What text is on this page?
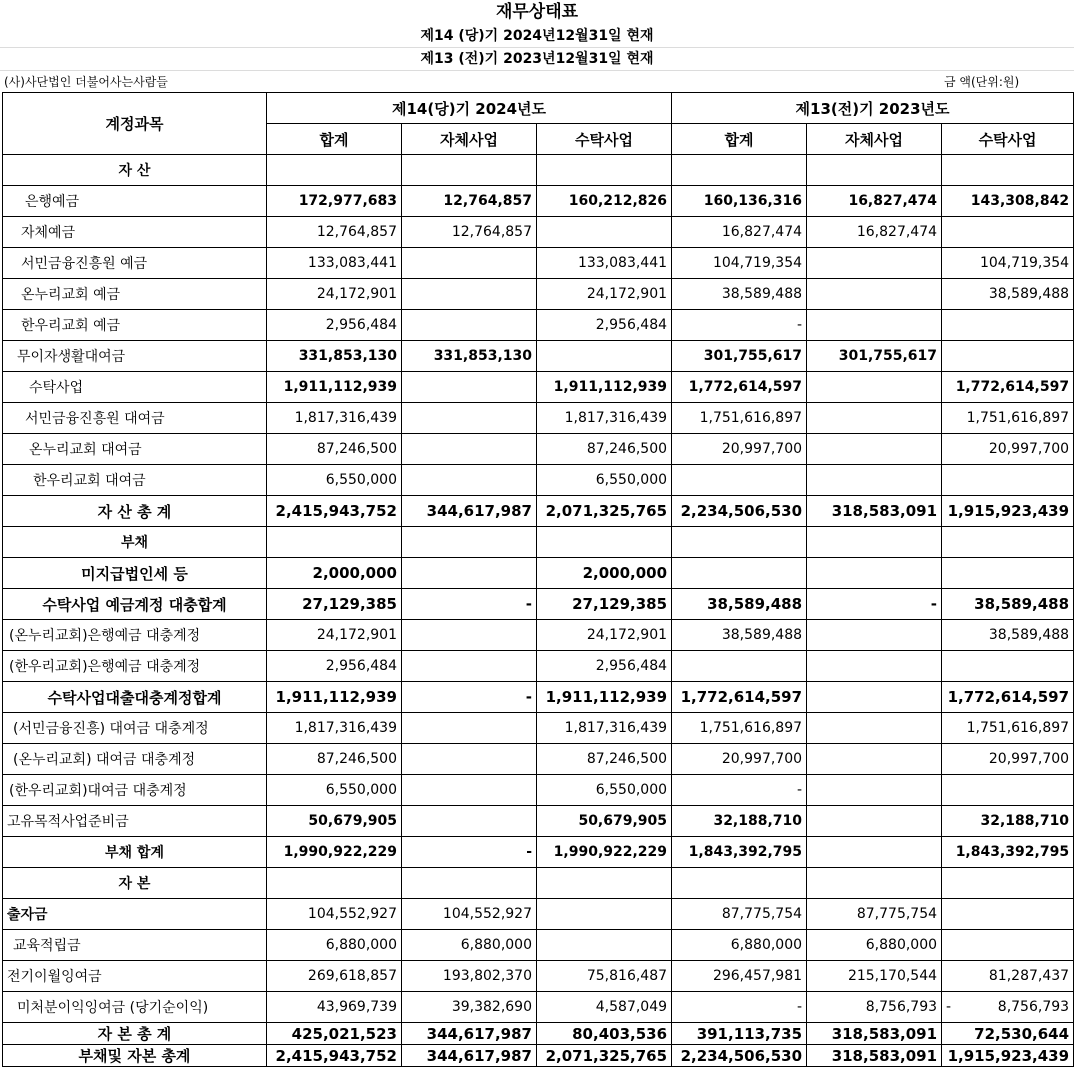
재무상태표
제14 (당)기 2024년12월31일 현재
제13 (전)기 2023년12월31일 현재
(사)사단법인 더불어사는사람들	금 액(단위:원)
계정과목	제14(당)기 2024년도			제13(전)기 2023년도		
	합계	자체사업	수탁사업	합계	자체사업	수탁사업
자 산						
은행예금	172,977,683	12,764,857	160,212,826	160,136,316	16,827,474	143,308,842
자체예금	12,764,857	12,764,857		16,827,474	16,827,474	
서민금융진흥원 예금	133,083,441		133,083,441	104,719,354		104,719,354
온누리교회 예금	24,172,901		24,172,901	38,589,488		38,589,488
한우리교회 예금	2,956,484		2,956,484	-		
무이자생활대여금	331,853,130	331,853,130		301,755,617	301,755,617	
수탁사업	1,911,112,939		1,911,112,939	1,772,614,597		1,772,614,597
서민금융진흥원 대여금	1,817,316,439		1,817,316,439	1,751,616,897		1,751,616,897
온누리교회 대여금	87,246,500		87,246,500	20,997,700		20,997,700
한우리교회 대여금	6,550,000		6,550,000			
자 산 총 계	2,415,943,752	344,617,987	2,071,325,765	2,234,506,530	318,583,091	1,915,923,439
부채						
미지급법인세 등	2,000,000		2,000,000			
수탁사업 예금계정 대충합계	27,129,385	-	27,129,385	38,589,488	-	38,589,488
(온누리교회)은행예금 대충계정	24,172,901		24,172,901	38,589,488		38,589,488
(한우리교회)은행예금 대충계정	2,956,484		2,956,484			
수탁사업대출대충계정합계	1,911,112,939	-	1,911,112,939	1,772,614,597		1,772,614,597
(서민금융진흥) 대여금 대충계정	1,817,316,439		1,817,316,439	1,751,616,897		1,751,616,897
(온누리교회) 대여금 대충계정	87,246,500		87,246,500	20,997,700		20,997,700
(한우리교회)대여금 대충계정	6,550,000		6,550,000	-		
고유목적사업준비금	50,679,905		50,679,905	32,188,710		32,188,710
부채 합계	1,990,922,229	-	1,990,922,229	1,843,392,795		1,843,392,795
자 본						
출자금	104,552,927	104,552,927		87,775,754	87,775,754	
교육적립금	6,880,000	6,880,000		6,880,000	6,880,000	
전기이월잉여금	269,618,857	193,802,370	75,816,487	296,457,981	215,170,544	81,287,437
미처분이익잉여금 (당기순이익)	43,969,739	39,382,690	4,587,049	-	8,756,793	- 8,756,793
자 본 총 계	425,021,523	344,617,987	80,403,536	391,113,735	318,583,091	72,530,644
부채및 자본 총계	2,415,943,752	344,617,987	2,071,325,765	2,234,506,530	318,583,091	1,915,923,439
